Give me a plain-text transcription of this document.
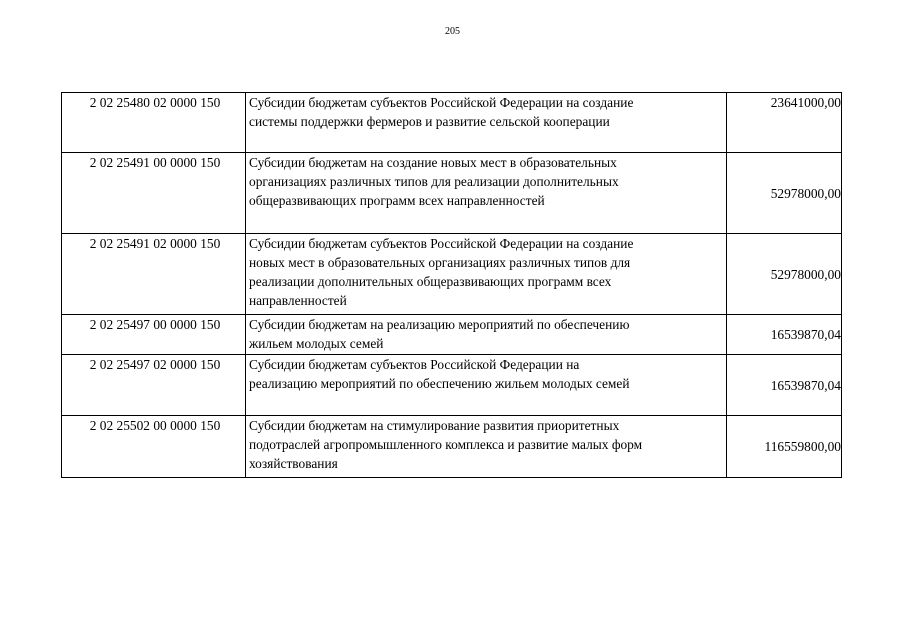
205
2 02 25480 02 0000 150	Субсидии бюджетам субъектов Российской Федерации на создание
системы поддержки фермеров и развитие сельской кооперации	23641000,00
2 02 25491 00 0000 150	Субсидии бюджетам на создание новых мест в образовательных
организациях различных типов для реализации дополнительных
общеразвивающих программ всех направленностей	52978000,00
2 02 25491 02 0000 150	Субсидии бюджетам субъектов Российской Федерации на создание
новых мест в образовательных организациях различных типов для
реализации дополнительных общеразвивающих программ всех
направленностей	52978000,00
2 02 25497 00 0000 150	Субсидии бюджетам на реализацию мероприятий по обеспечению
жильем молодых семей	16539870,04
2 02 25497 02 0000 150	Субсидии бюджетам субъектов Российской Федерации на
реализацию мероприятий по обеспечению жильем молодых семей	16539870,04
2 02 25502 00 0000 150	Субсидии бюджетам на стимулирование развития приоритетных
подотраслей агропромышленного комплекса и развитие малых форм
хозяйствования	116559800,00
